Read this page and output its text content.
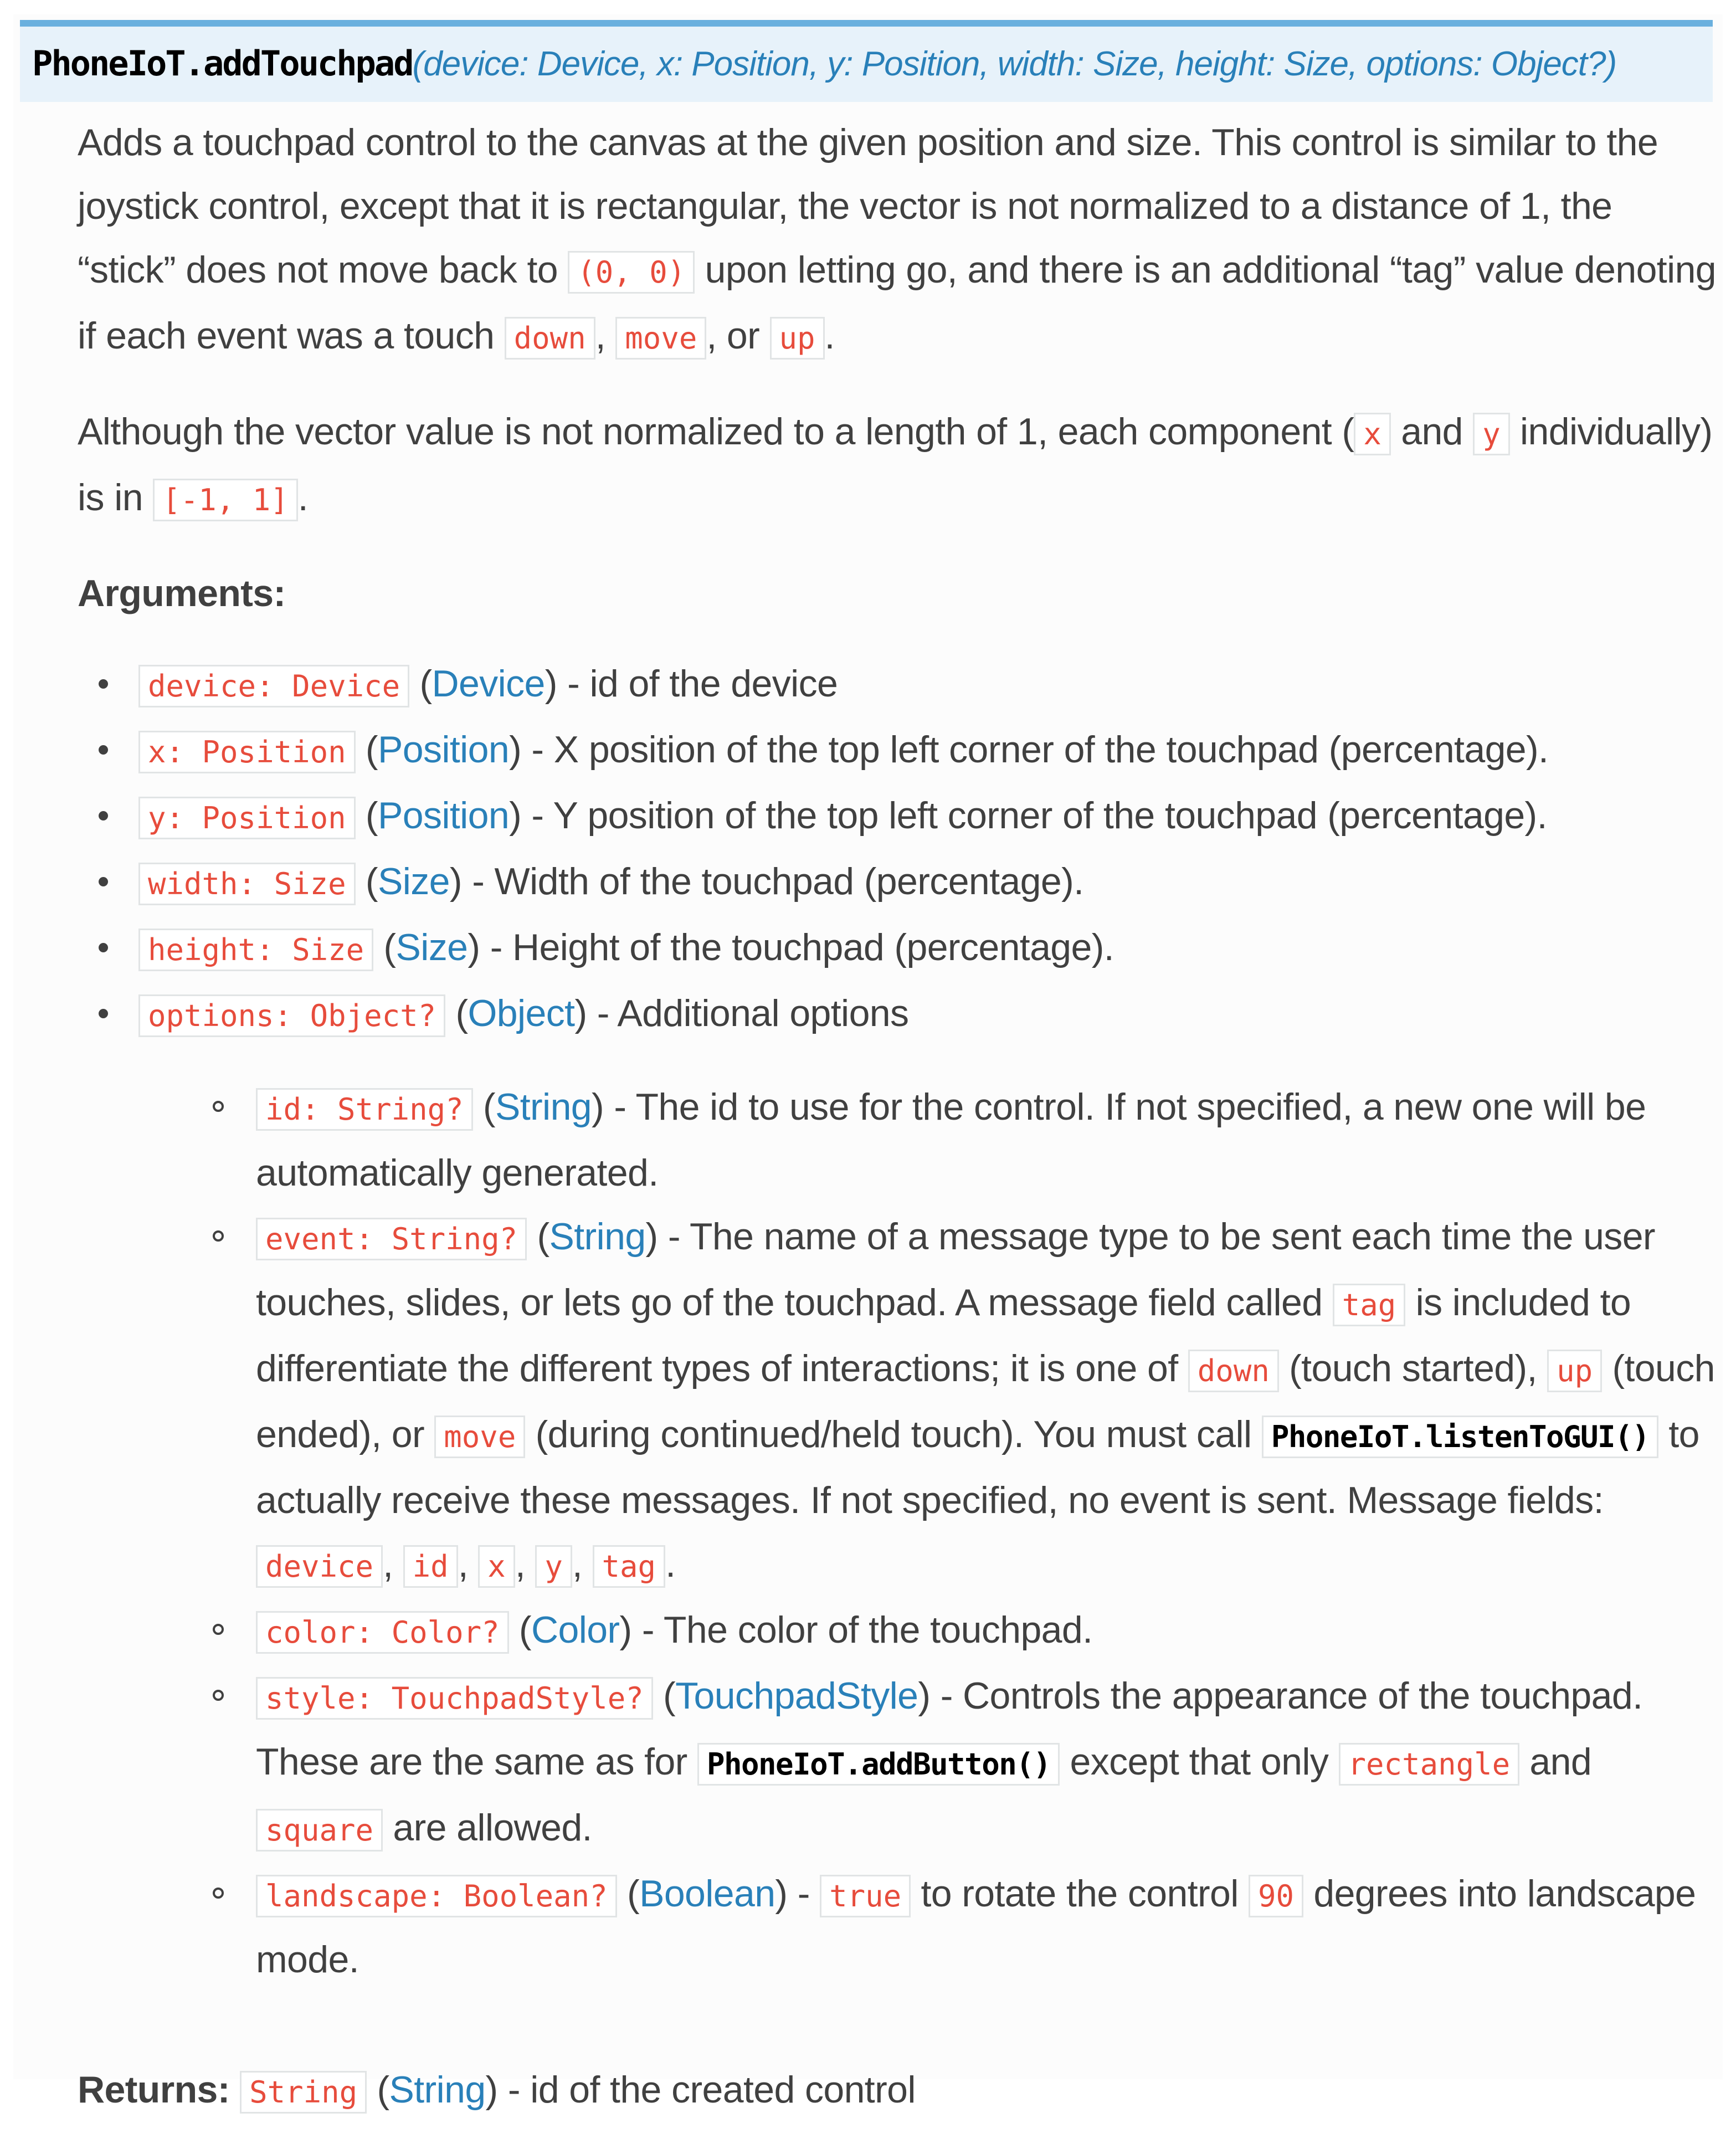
PhoneIoT.addTouchpad(device: Device, x: Position, y: Position, width: Size, height: Size, options: Object?)

Adds a touchpad control to the canvas at the given position and size. This control is similar to the joystick control, except that it is rectangular, the vector is not normalized to a distance of 1, the “stick” does not move back to (0, 0) upon letting go, and there is an additional “tag” value denoting if each event was a touch down , move , or up .

Although the vector value is not normalized to a length of 1, each component ( x and y individually) is in [-1, 1] .

Arguments:

device: Device (Device) - id of the device
x: Position (Position) - X position of the top left corner of the touchpad (percentage).
y: Position (Position) - Y position of the top left corner of the touchpad (percentage).
width: Size (Size) - Width of the touchpad (percentage).
height: Size (Size) - Height of the touchpad (percentage).
options: Object? (Object) - Additional options
id: String? (String) - The id to use for the control. If not specified, a new one will be automatically generated.
event: String? (String) - The name of a message type to be sent each time the user touches, slides, or lets go of the touchpad. A message field called tag is included to differentiate the different types of interactions; it is one of down (touch started), up (touch ended), or move (during continued/held touch). You must call PhoneIoT.listenToGUI() to actually receive these messages. If not specified, no event is sent. Message fields: device , id , x , y , tag .
color: Color? (Color) - The color of the touchpad.
style: TouchpadStyle? (TouchpadStyle) - Controls the appearance of the touchpad. These are the same as for PhoneIoT.addButton() except that only rectangle and square are allowed.
landscape: Boolean? (Boolean) - true to rotate the control 90 degrees into landscape mode.

Returns: String (String) - id of the created control
